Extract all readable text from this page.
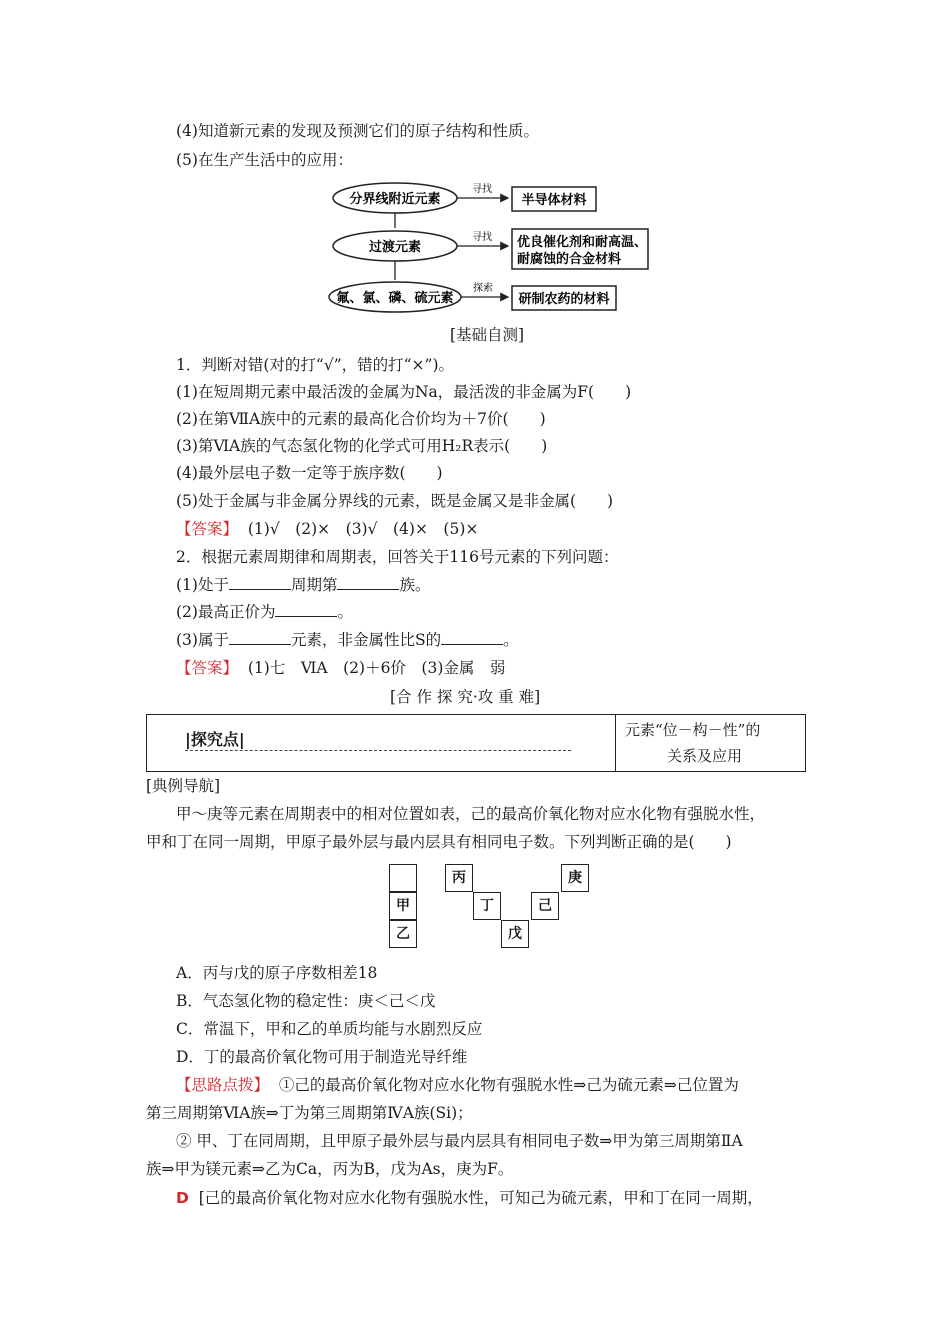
(4)知道新元素的发现及预测它们的原子结构和性质。
(5)在生产生活中的应用：
分界线附近元素
寻找
半导体材料
过渡元素
寻找 优良催化剂和耐高温、
耐腐蚀的合金材料
氟、氯、磷、硫元素
探索
研制农药的材料
[基础自测]
1．判断对错(对的打“√”，错的打“×”)。
(1)在短周期元素中最活泼的金属为Na，最活泼的非金属为F(　　)
(2)在第ⅦA族中的元素的最高化合价均为＋7价(　　)
(3)第ⅥA族的气态氢化物的化学式可用H₂R表示(　　)
(4)最外层电子数一定等于族序数(　　)
(5)处于金属与非金属分界线的元素，既是金属又是非金属(　　)
【答案】 (1)√　(2)×　(3)√　(4)×　(5)×
2．根据元素周期律和周期表，回答关于116号元素的下列问题：
(1)处于	周期第	族。
(2)最高正价为	。
(3)属于	元素，非金属性比S的	。
【答案】 (1)七　ⅥA　(2)＋6价　(3)金属　弱
[合 作 探 究·攻 重 难]
|探究点|	元素“位－构－性”的
关系及应用
[典例导航]
甲～庚等元素在周期表中的相对位置如表，己的最高价氧化物对应水化物有强脱水性，
甲和丁在同一周期，甲原子最外层与最内层具有相同电子数。下列判断正确的是(　　)
甲
乙
丙
丁
戊
己
庚
A．丙与戊的原子序数相差18
B．气态氢化物的稳定性：庚＜己＜戊
C．常温下，甲和乙的单质均能与水剧烈反应
D．丁的最高价氧化物可用于制造光导纤维
【思路点拨】 ①己的最高价氧化物对应水化物有强脱水性⇒己为硫元素⇒己位置为
第三周期第ⅥA族⇒丁为第三周期第ⅣA族(Si)；
② 甲、丁在同周期，且甲原子最外层与最内层具有相同电子数⇒甲为第三周期第ⅡA
族⇒甲为镁元素⇒乙为Ca，丙为B，戊为As，庚为F。
D [己的最高价氧化物对应水化物有强脱水性，可知己为硫元素，甲和丁在同一周期，
